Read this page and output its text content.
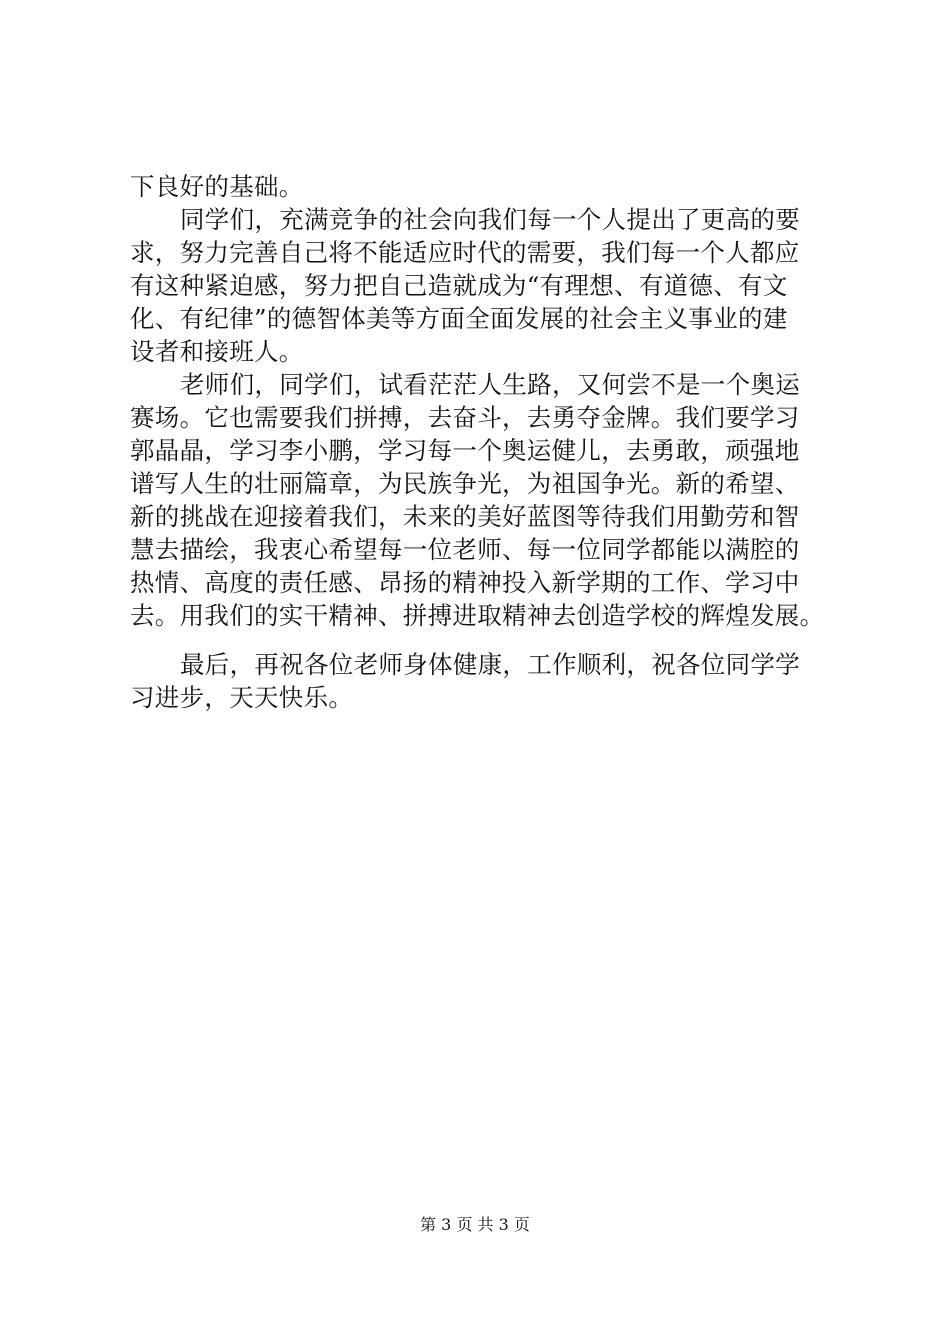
下良好的基础。
同学们，充满竞争的社会向我们每一个人提出了更高的要
求，努力完善自己将不能适应时代的需要，我们每一个人都应
有这种紧迫感，努力把自己造就成为“有理想、有道德、有文
化、有纪律”的德智体美等方面全面发展的社会主义事业的建
设者和接班人。
老师们，同学们，试看茫茫人生路，又何尝不是一个奥运
赛场。它也需要我们拼搏，去奋斗，去勇夺金牌。我们要学习
郭晶晶，学习李小鹏，学习每一个奥运健儿，去勇敢，顽强地
谱写人生的壮丽篇章，为民族争光，为祖国争光。新的希望、
新的挑战在迎接着我们，未来的美好蓝图等待我们用勤劳和智
慧去描绘，我衷心希望每一位老师、每一位同学都能以满腔的
热情、高度的责任感、昂扬的精神投入新学期的工作、学习中
去。用我们的实干精神、拼搏进取精神去创造学校的辉煌发展。
最后，再祝各位老师身体健康，工作顺利，祝各位同学学
习进步，天天快乐。
第 3 页 共 3 页
